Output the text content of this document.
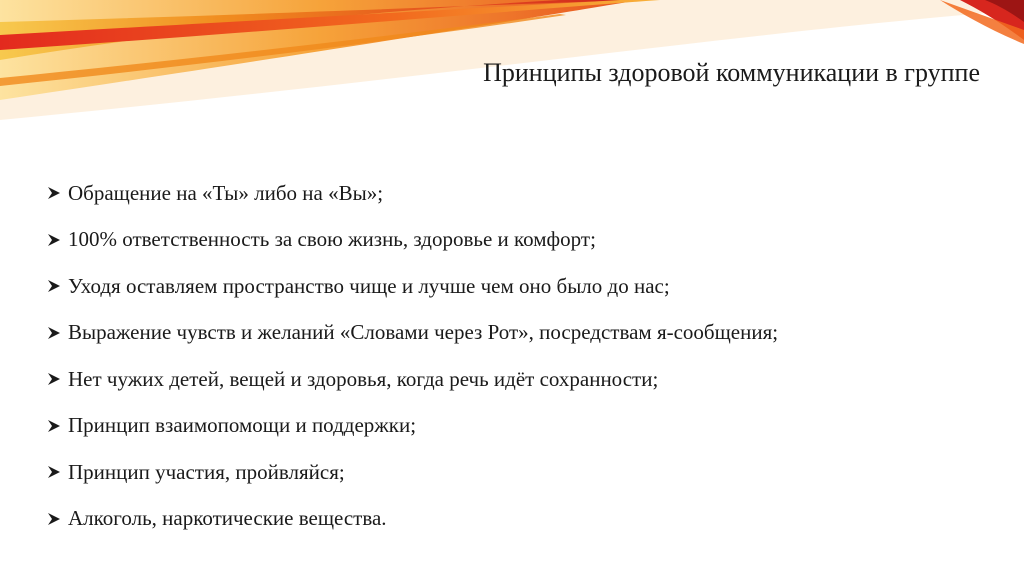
Принципы здоровой коммуникации в группе
Обращение на «Ты» либо на «Вы»;
100% ответственность за свою жизнь, здоровье и комфорт;
Уходя оставляем пространство чище и лучше чем оно было до нас;
Выражение чувств и желаний «Словами через Рот», посредствам я-сообщения;
Нет чужих детей, вещей и здоровья, когда речь идёт сохранности;
Принцип взаимопомощи и поддержки;
Принцип участия, пройвляйся;
Алкоголь, наркотические вещества.
